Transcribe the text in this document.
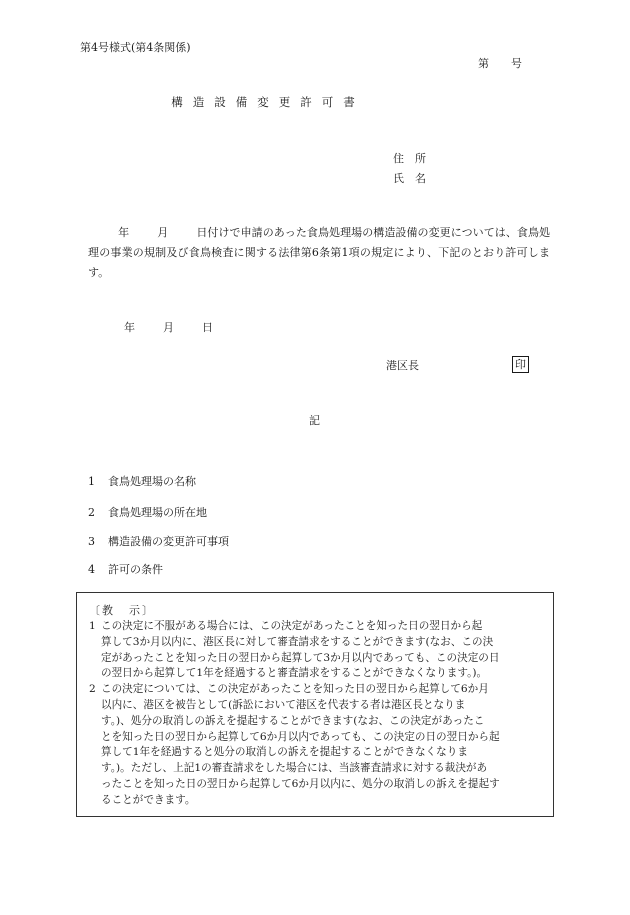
第4号様式(第4条関係)
第 号
構造設備変更許可書
住所
氏名
年	月	日付けで申請のあった食鳥処理場の構造設備の変更については、食鳥処理の事業の規制及び食鳥検査に関する法律第6条第1項の規定により、下記のとおり許可します。
年	月	日
港区長	印
記
1 食鳥処理場の名称
2 食鳥処理場の所在地
3 構造設備の変更許可事項
4 許可の条件
〔教 示〕
1 この決定に不服がある場合には、この決定があったことを知った日の翌日から起
算して3か月以内に、港区長に対して審査請求をすることができます(なお、この決
定があったことを知った日の翌日から起算して3か月以内であっても、この決定の日
の翌日から起算して1年を経過すると審査請求をすることができなくなります。)。
2 この決定については、この決定があったことを知った日の翌日から起算して6か月
以内に、港区を被告として(訴訟において港区を代表する者は港区長となりま
す。)、処分の取消しの訴えを提起することができます(なお、この決定があったこ
とを知った日の翌日から起算して6か月以内であっても、この決定の日の翌日から起
算して1年を経過すると処分の取消しの訴えを提起することができなくなりま
す。)。ただし、上記1の審査請求をした場合には、当該審査請求に対する裁決があ
ったことを知った日の翌日から起算して6か月以内に、処分の取消しの訴えを提起す
ることができます。
